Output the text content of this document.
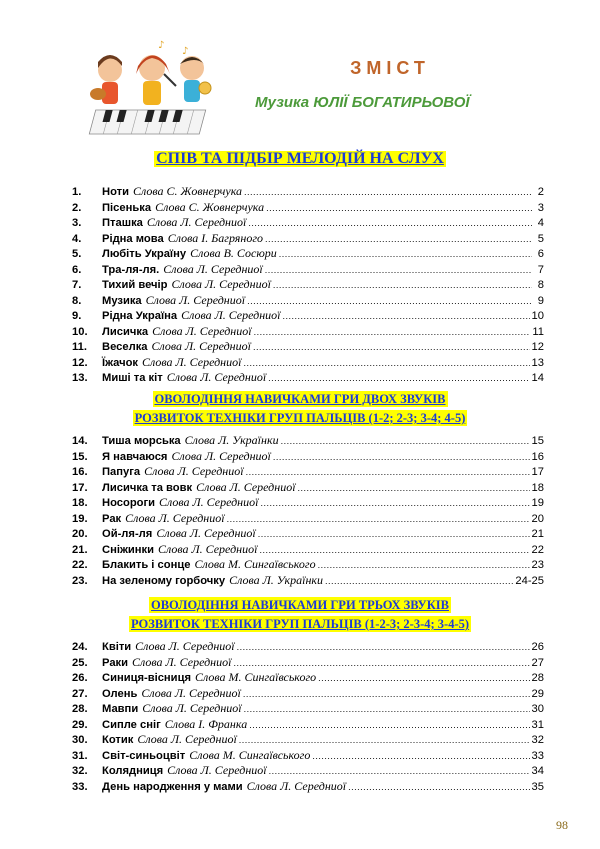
♪
♪
ЗМІСТ
Музика ЮЛІЇ БОГАТИРЬОВОЇ
СПІВ ТА ПІДБІР МЕЛОДІЙ НА СЛУХ
1.	Ноти Слова С. Жовнерчука .....	2
2.	Пісенька Слова С. Жовнерчука .....	3
3.	Пташка Слова Л. Середниої .....	4
4.	Рідна мова Слова І. Багряного .....	5
5.	Любіть Україну Слова В. Сосюри .....	6
6.	Тра-ля-ля. Слова Л. Середниої .....	7
7.	Тихий вечір Слова Л. Середниої .....	8
8.	Музика Слова Л. Середниої .....	9
9.	Рідна Україна Слова Л. Середниої .....	10
10.	Лисичка Слова Л. Середниої .....	11
11.	Веселка Слова Л. Середниої .....	12
12.	Їжачок Слова Л. Середниої .....	13
13.	Миші та кіт Слова Л. Середниої .....	14
ОВОЛОДІННЯ НАВИЧКАМИ ГРИ ДВОХ ЗВУКІВ
РОЗВИТОК ТЕХНІКИ ГРУП ПАЛЬЦІВ (1-2; 2-3; 3-4; 4-5)
14.	Тиша морська Слова Л. Українки .....	15
15.	Я навчаюся Слова Л. Середниої .....	16
16.	Папуга Слова Л. Середниої .....	17
17.	Лисичка та вовк Слова Л. Середниої .....	18
18.	Носороги Слова Л. Середниої .....	19
19.	Рак Слова Л. Середниої .....	20
20.	Ой-ля-ля Слова Л. Середниої .....	21
21.	Сніжинки Слова Л. Середниої .....	22
22.	Блакить і сонце Слова М. Сингаївського .....	23
23.	На зеленому горбочку Слова Л. Українки .....	24-25
ОВОЛОДІННЯ НАВИЧКАМИ ГРИ ТРЬОХ ЗВУКІВ
РОЗВИТОК ТЕХНІКИ ГРУП ПАЛЬЦІВ (1-2-3; 2-3-4; 3-4-5)
24.	Квіти Слова Л. Середниої .....	26
25.	Раки Слова Л. Середниої .....	27
26.	Синиця-вісниця Слова М. Сингаївського .....	28
27.	Олень Слова Л. Середниої .....	29
28.	Мавпи Слова Л. Середниої .....	30
29.	Сипле сніг Слова І. Франка .....	31
30.	Котик Слова Л. Середниої .....	32
31.	Світ-синьоцвіт Слова М. Сингаївського .....	33
32.	Колядниця Слова Л. Середниої .....	34
33.	День народження у мами Слова Л. Середниої .....	35
98
